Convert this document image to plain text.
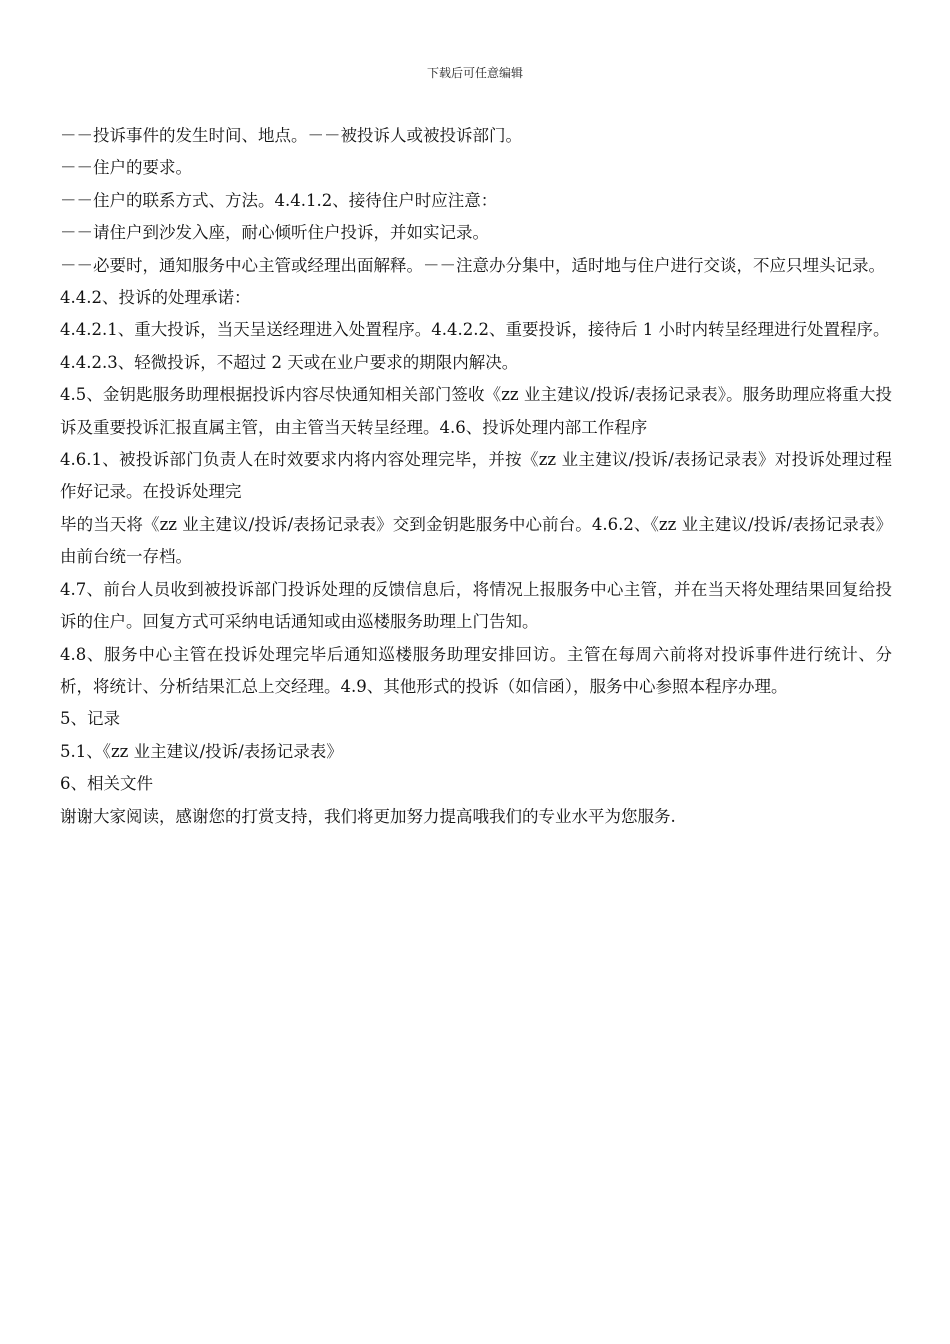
下载后可任意编辑

－－投诉事件的发生时间、地点。－－被投诉人或被投诉部门。

－－住户的要求。

－－住户的联系方式、方法。4.4.1.2、接待住户时应注意：

－－请住户到沙发入座，耐心倾听住户投诉，并如实记录。

－－必要时，通知服务中心主管或经理出面解释。－－注意办分集中，适时地与住户进行交谈，不应只埋头记录。

4.4.2、投诉的处理承诺：

4.4.2.1、重大投诉，当天呈送经理进入处置程序。4.4.2.2、重要投诉，接待后 1 小时内转呈经理进行处置程序。

4.4.2.3、轻微投诉，不超过 2 天或在业户要求的期限内解决。

4.5、金钥匙服务助理根据投诉内容尽快通知相关部门签收《zz 业主建议/投诉/表扬记录表》。服务助理应将重大投诉及重要投诉汇报直属主管，由主管当天转呈经理。4.6、投诉处理内部工作程序

4.6.1、被投诉部门负责人在时效要求内将内容处理完毕，并按《zz 业主建议/投诉/表扬记录表》对投诉处理过程作好记录。在投诉处理完

毕的当天将《zz 业主建议/投诉/表扬记录表》交到金钥匙服务中心前台。4.6.2、《zz 业主建议/投诉/表扬记录表》由前台统一存档。

4.7、前台人员收到被投诉部门投诉处理的反馈信息后，将情况上报服务中心主管，并在当天将处理结果回复给投诉的住户。回复方式可采纳电话通知或由巡楼服务助理上门告知。

4.8、服务中心主管在投诉处理完毕后通知巡楼服务助理安排回访。主管在每周六前将对投诉事件进行统计、分析，将统计、分析结果汇总上交经理。4.9、其他形式的投诉（如信函），服务中心参照本程序办理。

5、记录

5.1、《zz 业主建议/投诉/表扬记录表》

6、相关文件

谢谢大家阅读，感谢您的打赏支持，我们将更加努力提高哦我们的专业水平为您服务.
